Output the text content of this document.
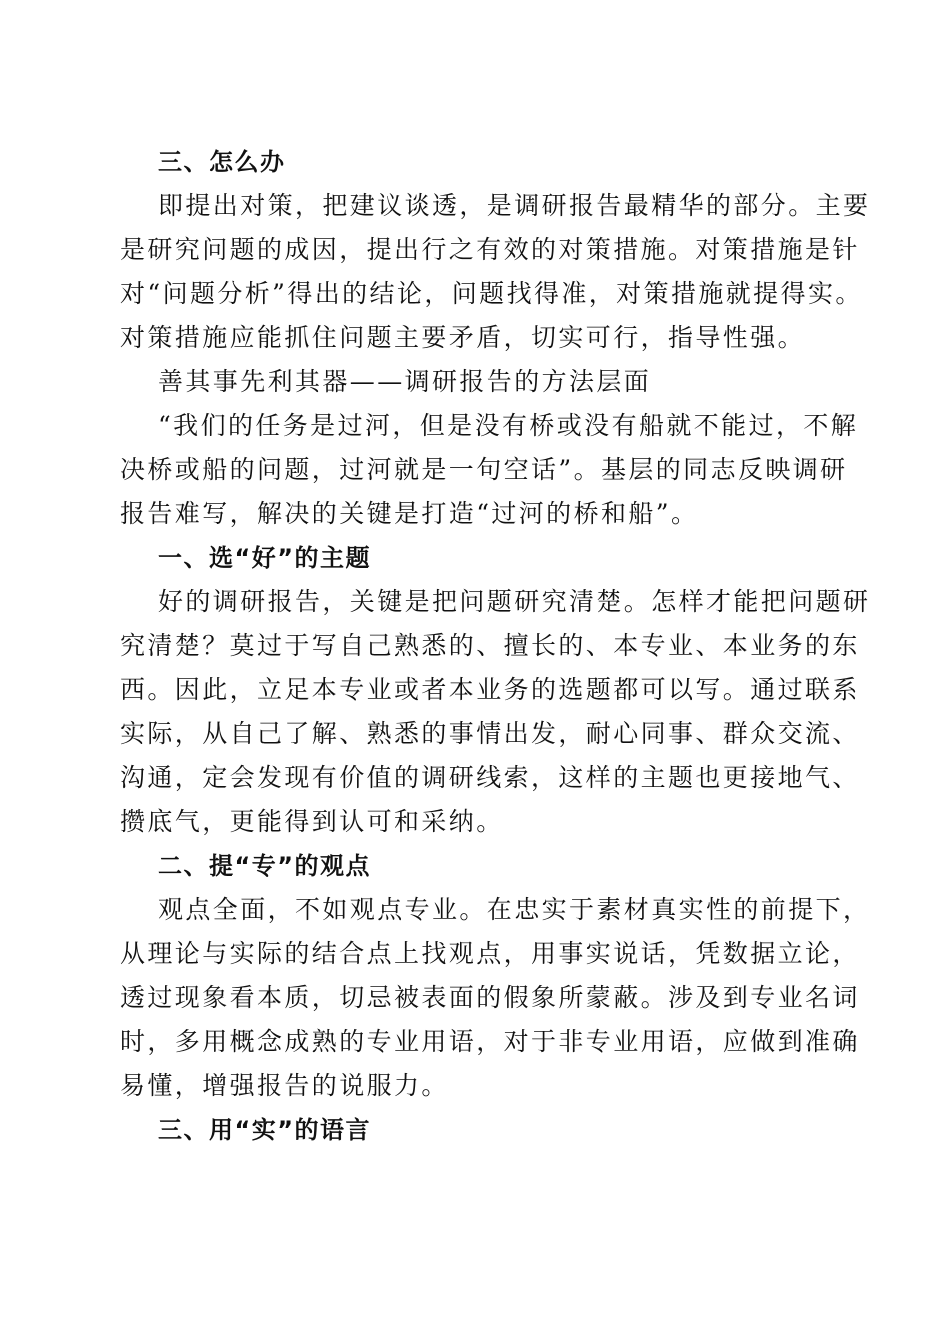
三、怎么办
即提出对策，把建议谈透，是调研报告最精华的部分。主要
是研究问题的成因，提出行之有效的对策措施。对策措施是针
对“问题分析”得出的结论，问题找得准，对策措施就提得实。
对策措施应能抓住问题主要矛盾，切实可行，指导性强。
善其事先利其器——调研报告的方法层面
“我们的任务是过河，但是没有桥或没有船就不能过，不解
决桥或船的问题，过河就是一句空话”。基层的同志反映调研
报告难写，解决的关键是打造“过河的桥和船”。
一、选“好”的主题
好的调研报告，关键是把问题研究清楚。怎样才能把问题研
究清楚？莫过于写自己熟悉的、擅长的、本专业、本业务的东
西。因此，立足本专业或者本业务的选题都可以写。通过联系
实际，从自己了解、熟悉的事情出发，耐心同事、群众交流、
沟通，定会发现有价值的调研线索，这样的主题也更接地气、
攒底气，更能得到认可和采纳。
二、提“专”的观点
观点全面，不如观点专业。在忠实于素材真实性的前提下，
从理论与实际的结合点上找观点，用事实说话，凭数据立论，
透过现象看本质，切忌被表面的假象所蒙蔽。涉及到专业名词
时，多用概念成熟的专业用语，对于非专业用语，应做到准确
易懂，增强报告的说服力。
三、用“实”的语言
